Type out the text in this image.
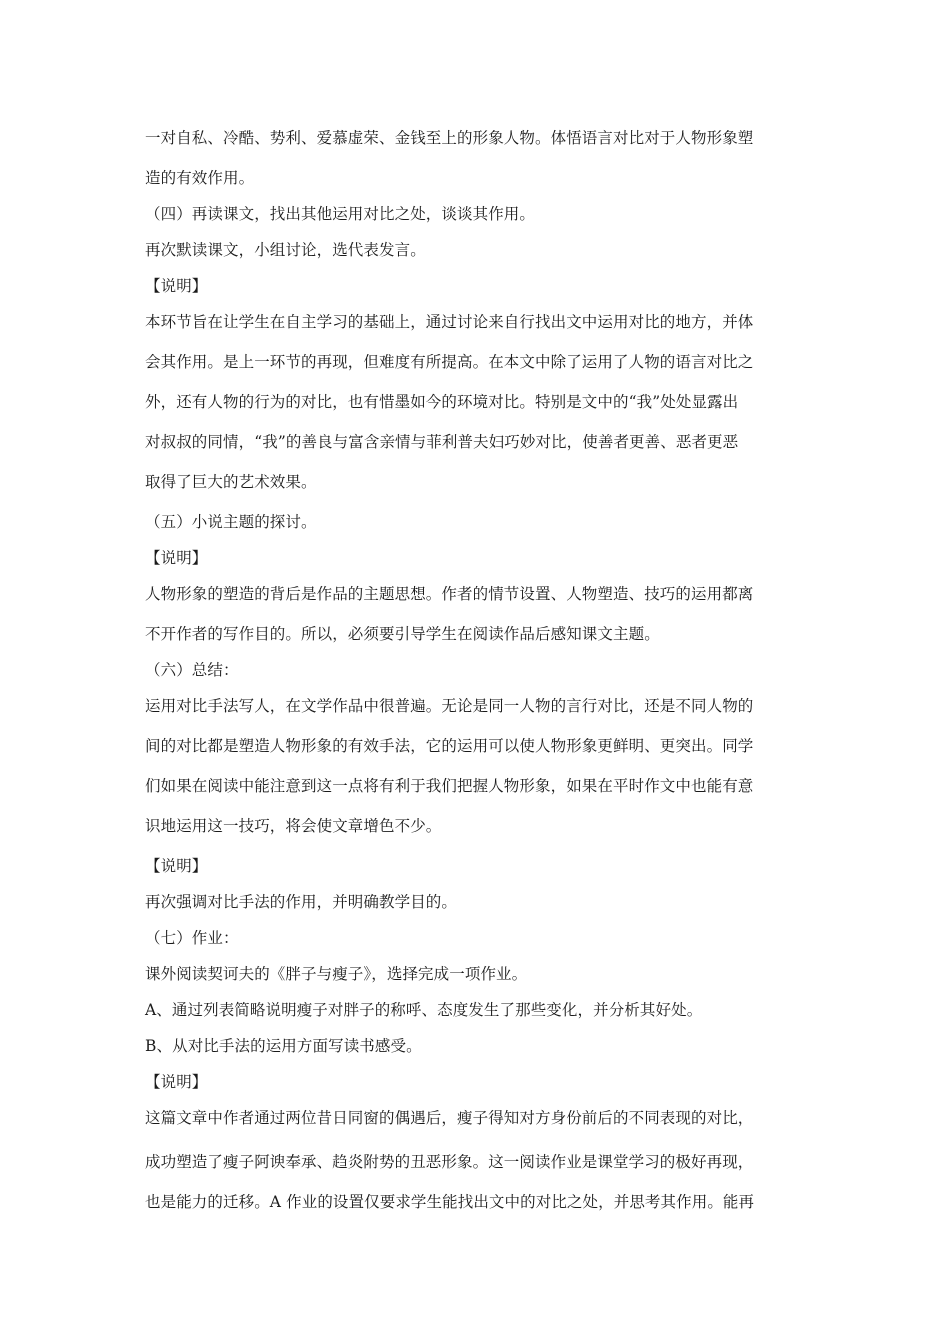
一对自私、冷酷、势利、爱慕虚荣、金钱至上的形象人物。体悟语言对比对于人物形象塑
造的有效作用。
（四）再读课文，找出其他运用对比之处，谈谈其作用。
再次默读课文，小组讨论，选代表发言。
【说明】
本环节旨在让学生在自主学习的基础上，通过讨论来自行找出文中运用对比的地方，并体
会其作用。是上一环节的再现，但难度有所提高。在本文中除了运用了人物的语言对比之
外，还有人物的行为的对比，也有惜墨如今的环境对比。特别是文中的“我”处处显露出
对叔叔的同情，“我”的善良与富含亲情与菲利普夫妇巧妙对比，使善者更善、恶者更恶
取得了巨大的艺术效果。
（五）小说主题的探讨。
【说明】
人物形象的塑造的背后是作品的主题思想。作者的情节设置、人物塑造、技巧的运用都离
不开作者的写作目的。所以，必须要引导学生在阅读作品后感知课文主题。
（六）总结：
运用对比手法写人，在文学作品中很普遍。无论是同一人物的言行对比，还是不同人物的
间的对比都是塑造人物形象的有效手法，它的运用可以使人物形象更鲜明、更突出。同学
们如果在阅读中能注意到这一点将有利于我们把握人物形象，如果在平时作文中也能有意
识地运用这一技巧，将会使文章增色不少。
【说明】
再次强调对比手法的作用，并明确教学目的。
（七）作业：
课外阅读契诃夫的《胖子与瘦子》，选择完成一项作业。
A、通过列表简略说明瘦子对胖子的称呼、态度发生了那些变化，并分析其好处。
B、从对比手法的运用方面写读书感受。
【说明】
这篇文章中作者通过两位昔日同窗的偶遇后，瘦子得知对方身份前后的不同表现的对比，
成功塑造了瘦子阿谀奉承、趋炎附势的丑恶形象。这一阅读作业是课堂学习的极好再现，
也是能力的迁移。A 作业的设置仅要求学生能找出文中的对比之处，并思考其作用。能再
